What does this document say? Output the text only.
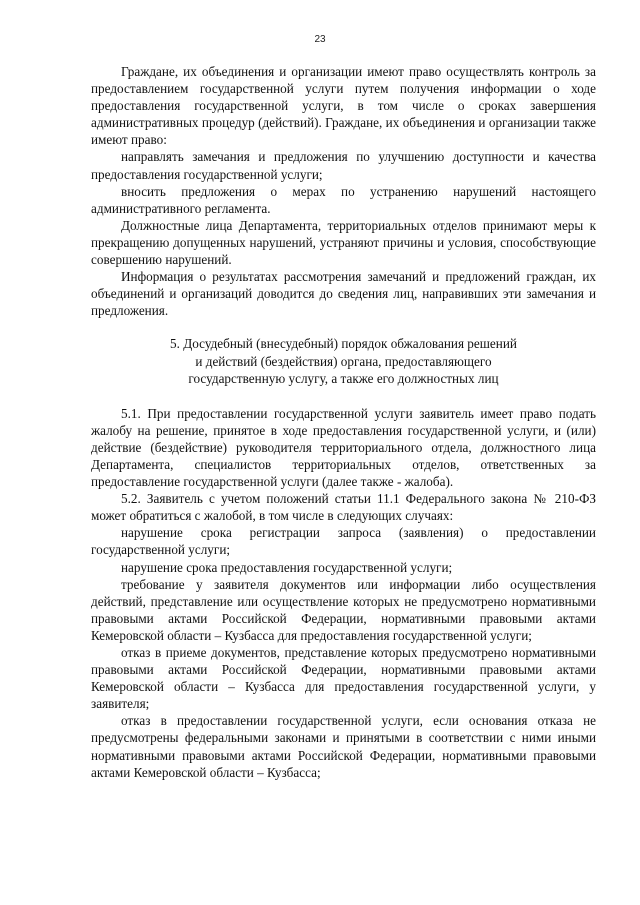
23

Граждане, их объединения и организации имеют право осуществлять контроль за предоставлением государственной услуги путем получения информации о ходе предоставления государственной услуги, в том числе о сроках завершения административных процедур (действий). Граждане, их объединения и организации также имеют право:

направлять замечания и предложения по улучшению доступности и качества предоставления государственной услуги;

вносить предложения о мерах по устранению нарушений настоящего административного регламента.

Должностные лица Департамента, территориальных отделов принимают меры к прекращению допущенных нарушений, устраняют причины и условия, способствующие совершению нарушений.

Информация о результатах рассмотрения замечаний и предложений граждан, их объединений и организаций доводится до сведения лиц, направивших эти замечания и предложения.

5. Досудебный (внесудебный) порядок обжалования решений
и действий (бездействия) органа, предоставляющего
государственную услугу, а также его должностных лиц

5.1. При предоставлении государственной услуги заявитель имеет право подать жалобу на решение, принятое в ходе предоставления государственной услуги, и (или) действие (бездействие) руководителя территориального отдела, должностного лица Департамента, специалистов территориальных отделов, ответственных за предоставление государственной услуги (далее также - жалоба).

5.2. Заявитель с учетом положений статьи 11.1 Федерального закона № 210-ФЗ может обратиться с жалобой, в том числе в следующих случаях:

нарушение срока регистрации запроса (заявления) о предоставлении государственной услуги;

нарушение срока предоставления государственной услуги;

требование у заявителя документов или информации либо осуществления действий, представление или осуществление которых не предусмотрено нормативными правовыми актами Российской Федерации, нормативными правовыми актами Кемеровской области – Кузбасса для предоставления государственной услуги;

отказ в приеме документов, представление которых предусмотрено нормативными правовыми актами Российской Федерации, нормативными правовыми актами Кемеровской области – Кузбасса для предоставления государственной услуги, у заявителя;

отказ в предоставлении государственной услуги, если основания отказа не предусмотрены федеральными законами и принятыми в соответствии с ними иными нормативными правовыми актами Российской Федерации, нормативными правовыми актами Кемеровской области – Кузбасса;
